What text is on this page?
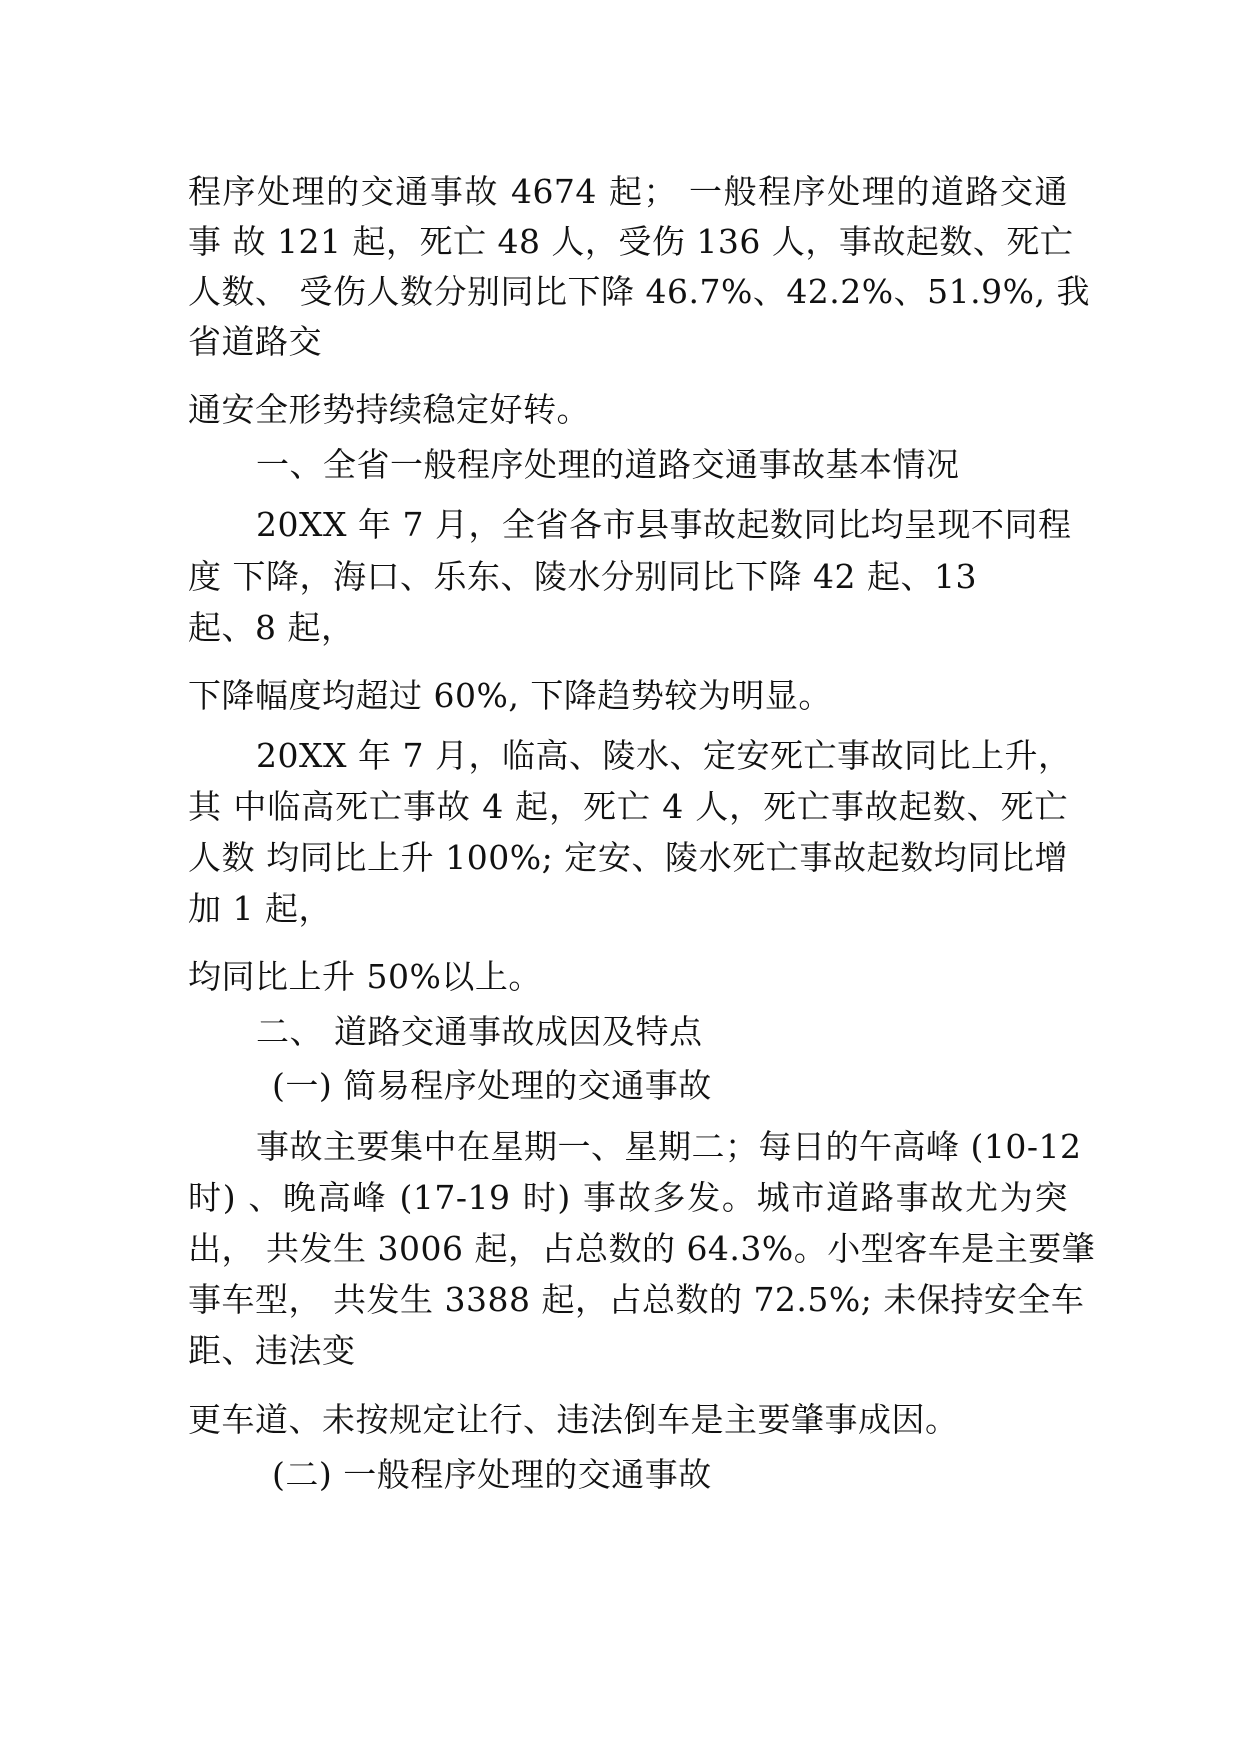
程序处理的交通事故 4674 起； 一般程序处理的道路交通
事 故 121 起，死亡 48 人，受伤 136 人，事故起数、死亡
人数、 受伤人数分别同比下降 46.7%、42.2%、51.9%, 我
省道路交
通安全形势持续稳定好转。
一、全省一般程序处理的道路交通事故基本情况
20XX 年 7 月，全省各市县事故起数同比均呈现不同程
度 下降，海口、乐东、陵水分别同比下降 42 起、13
起、8 起，
下降幅度均超过 60%, 下降趋势较为明显。
20XX 年 7 月，临高、陵水、定安死亡事故同比上升，
其 中临高死亡事故 4 起，死亡 4 人，死亡事故起数、死亡
人数 均同比上升 100%; 定安、陵水死亡事故起数均同比增
加 1 起，
均同比上升 50%以上。
二、 道路交通事故成因及特点
(一) 简易程序处理的交通事故
事故主要集中在星期一、星期二；每日的午高峰 (10-12
时) 、晚高峰 (17-19 时) 事故多发。城市道路事故尤为突
出， 共发生 3006 起，占总数的 64.3%。小型客车是主要肇
事车型， 共发生 3388 起，占总数的 72.5%; 未保持安全车
距、违法变
更车道、未按规定让行、违法倒车是主要肇事成因。
(二) 一般程序处理的交通事故
